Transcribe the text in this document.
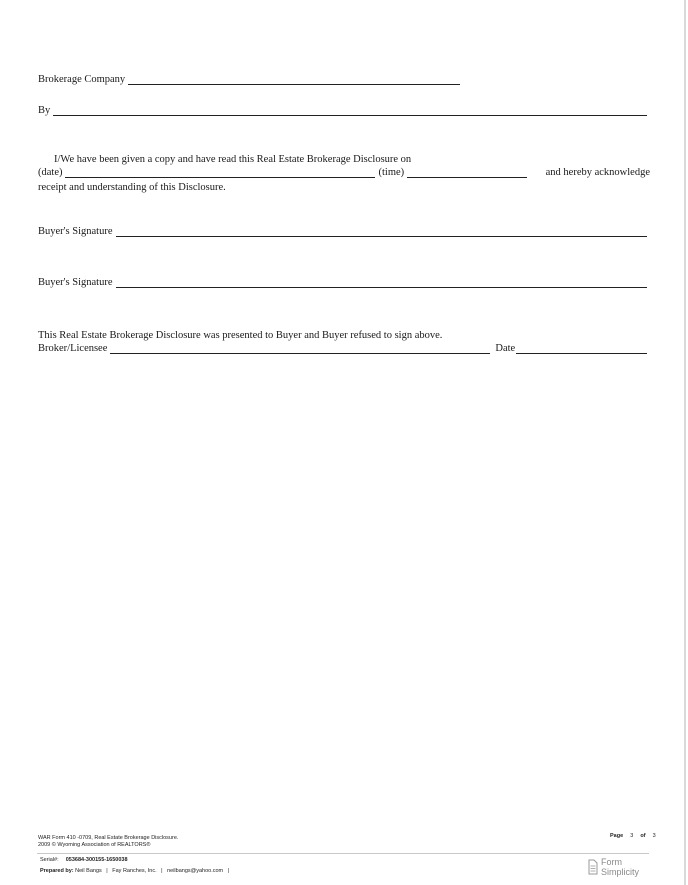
Brokerage Company
By
I/We have been given a copy and have read this Real Estate Brokerage Disclosure on
(date)	(time)	and hereby acknowledge
receipt and understanding of this Disclosure.
Buyer's Signature
Buyer's Signature
This Real Estate Brokerage Disclosure was presented to Buyer and Buyer refused to sign above.
Broker/Licensee	Date
WAR Form 410 -0709, Real Estate Brokerage Disclosure.
2009 © Wyoming Association of REALTORS®
Page 3 of 3
Serial#: 053684-300155-1650038
Prepared by: Neil Bangs | Fay Ranches, Inc. | neilbangs@yahoo.com |
Form
Simplicity
